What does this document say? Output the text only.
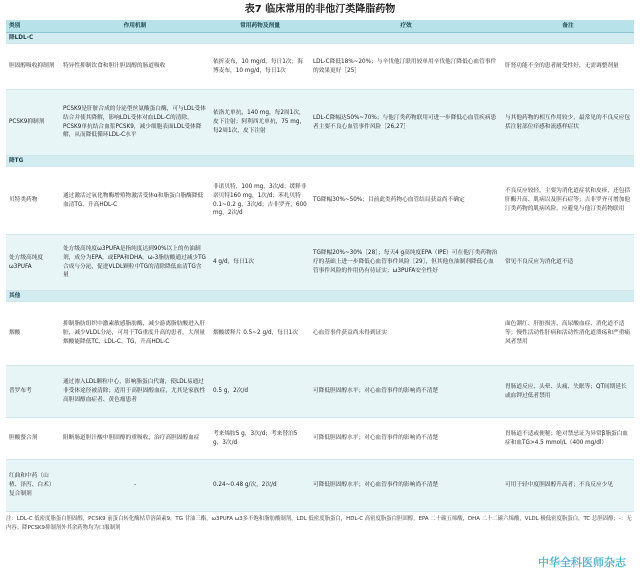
表7 临床常用的非他汀类降脂药物
类别	作用机制	常用药物及剂量	疗效	备注
降LDL-C				
胆固醇吸收抑制剂	特异性抑制饮食和胆汁胆固醇的肠道吸收	依折麦布，10 mg/d，每日1次；海博麦布，10 mg/d，每日1次	LDL-C降低18%~20%；与辛伐他汀联用较单用辛伐他汀降低心血管事件的效果更好［25］	肝肾功能不全的患者耐受性好，无需调整剂量
PCSK9抑制剂	PCSK9是肝脏合成的分泌型丝氨酸蛋白酶，可与LDL受体结合并使其降解，影响LDL受体对血LDL-C的清除。PCSK9单抗结合血浆PCSK9，减少细胞表面LDL受体降解，从而降低循环LDL-C水平	依洛尤单抗，140 mg，每2周1次，皮下注射；阿利西尤单抗，75 mg，每2周1次，皮下注射	LDL-C降幅达50%~70%；与他汀类药物联用可进一步降低心血管疾病患者主要不良心血管事件风险［26,27］	与其他药物的相互作用较少，最常见的不良反应包括注射部位痒感和流感样症状
降TG				
贝特类药物	通过激活过氧化物酶增殖物激活受体α和脂蛋白脂酶降低血清TG、升高HDL-C	非诺贝特，100 mg，3次/d；缓释非诺贝特160 mg，1次/d；苯扎贝特0.1~0.2 g，3次/d；吉非罗齐，600 mg，2次/d	TG降幅30%~50%；目前此类药物心血管结局获益尚不确定	不良反应较轻，主要为消化道症状和皮疹，还包括肝酶升高、肌病以及胆石症等；吉非罗齐可增加他汀类药物的肌病风险，应避免与他汀类药物联用
处方级高纯度ω3PUFA	处方级高纯度ω3PUFA是指纯度达到90%以上的鱼油制剂，成分为EPA，或EPA和DHA。ω-3脂肪酸通过减少TG合成与分泌，促进VLDL颗粒中TG的清除降低血清TG含量	4 g/d，每日1次	TG降幅20%~30%［28］；每天4 g高纯度EPA（IPE）可在他汀类药物治疗的基础上进一步降低心血管事件风险［29］，但其他鱼油制剂降低心血管事件风险的作用仍有待证实；ω3PUFA安全性好	常见不良反应为消化道不适
其他				
烟酸	抑制脂肪组织中激素敏感脂肪酶，减少游离脂肪酸进入肝脏，减少VLDL分泌，可用于TG重度升高的患者，大剂量烟酸能降低TC、LDL-C、TG，升高HDL-C	烟酸缓释片 0.5~2 g/d，每日1次	心血管事件获益尚未得到证实	面色潮红、肝脏损害、高尿酸血症、消化道不适等；慢性活动性肝病和活动性消化道溃疡和严重痛风者禁用
普罗布考	通过渗入LDL颗粒中心，影响脂蛋白代谢，使LDL易通过非受体途径被清除；适用于高胆固醇血症，尤其是家族性高胆固醇血症者、黄色瘤患者	0.5 g，2次/d	可降低胆固醇水平；对心血管事件的影响尚不清楚	胃肠道反应、头晕、头痛、失眠等；QT间期延长或血钾过低者禁用
胆酸螯合剂	阻断肠道胆汁酸中胆固醇的重吸收，治疗高胆固醇血症	考来烯胺5 g，3次/d；考来替泊5 g，3次/d	可降低胆固醇水平；对心血管事件的影响尚不清楚	胃肠道不适或便秘；绝对禁忌证为异常β脂蛋白血症和血TG>4.5 mmol/L（400 mg/dl）
红曲和中药（山楂、泽泻、白术）复合制剂	-	0.24~0.48 g/次，2次/d	可降低胆固醇水平；对心血管事件的影响尚不清楚	可用于轻中度胆固醇升高者；不良反应少见
注：LDL-C 低密度脂蛋白胆固醇，PCSK9 前蛋白转化酶枯草溶菌素9，TG 甘油三酯，ω3PUFA ω3多不饱和脂肪酸制剂，LDL 低密度脂蛋白，HDL-C 高密度脂蛋白胆固醇，EPA 二十碳五烯酸，DHA 二十二碳六烯酸，VLDL 极低密度脂蛋白，TC 总胆固醇；-：无内容；降PCSK9抑制剂外其余药物均为口服制剂
中华全科医师杂志
